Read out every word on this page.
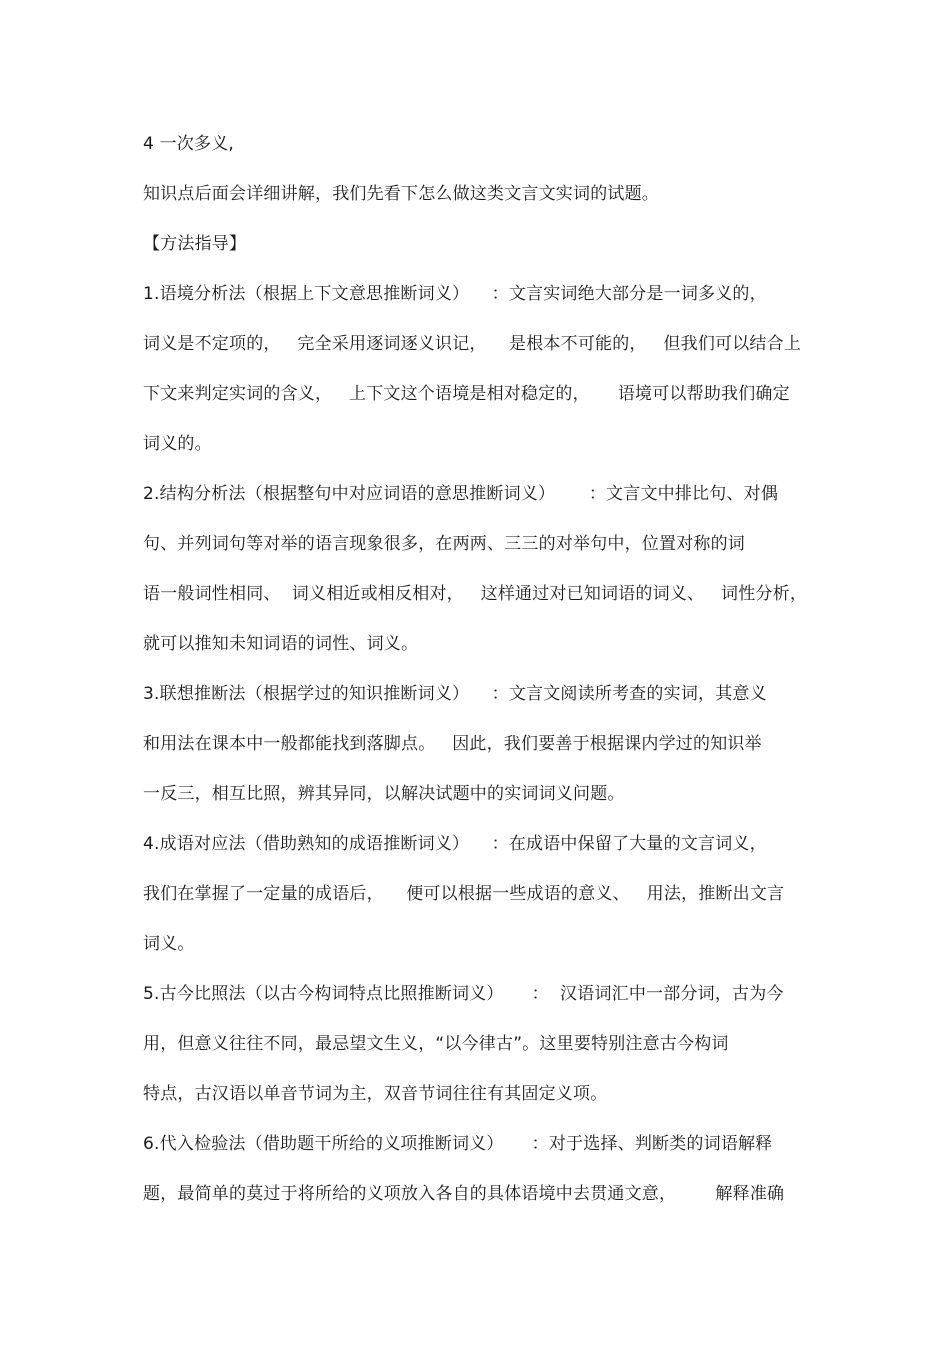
4 一次多义,
知识点后面会详细讲解，我们先看下怎么做这类文言文实词的试题。
【方法指导】
1.语境分析法（根据上下文意思推断词义）    ：文言实词绝大部分是一词多义的，
词义是不定项的，   完全采用逐词逐义识记，    是根本不可能的，   但我们可以结合上
下文来判定实词的含义，   上下文这个语境是相对稳定的，     语境可以帮助我们确定
词义的。
2.结构分析法（根据整句中对应词语的意思推断词义）      ：文言文中排比句、对偶
句、并列词句等对举的语言现象很多，在两两、三三的对举句中，位置对称的词
语一般词性相同、  词义相近或相反相对，   这样通过对已知词语的词义、   词性分析，
就可以推知未知词语的词性、词义。
3.联想推断法（根据学过的知识推断词义）    ：文言文阅读所考查的实词，其意义
和用法在课本中一般都能找到落脚点。   因此，我们要善于根据课内学过的知识举
一反三，相互比照，辨其异同，以解决试题中的实词词义问题。
4.成语对应法（借助熟知的成语推断词义）    ：在成语中保留了大量的文言词义，
我们在掌握了一定量的成语后，    便可以根据一些成语的意义、   用法，推断出文言
词义。
5.古今比照法（以古今构词特点比照推断词义）     ：  汉语词汇中一部分词，古为今
用，但意义往往不同，最忌望文生义，“以今律古”。这里要特别注意古今构词
特点，古汉语以单音节词为主，双音节词往往有其固定义项。
6.代入检验法（借助题干所给的义项推断词义）     ：对于选择、判断类的词语解释
题，最简单的莫过于将所给的义项放入各自的具体语境中去贯通文意，       解释准确
